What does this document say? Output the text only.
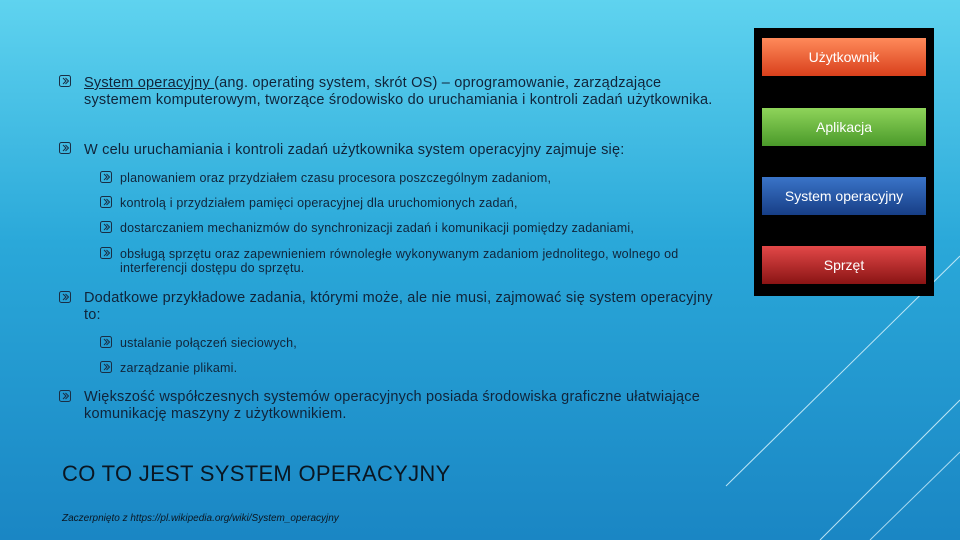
System operacyjny (ang. operating system, skrót OS) – oprogramowanie, zarządzające systemem komputerowym, tworzące środowisko do uruchamiania i kontroli zadań użytkownika.
W celu uruchamiania i kontroli zadań użytkownika system operacyjny zajmuje się:
planowaniem oraz przydziałem czasu procesora poszczególnym zadaniom,
kontrolą i przydziałem pamięci operacyjnej dla uruchomionych zadań,
dostarczaniem mechanizmów do synchronizacji zadań i komunikacji pomiędzy zadaniami,
obsługą sprzętu oraz zapewnieniem równoległe wykonywanym zadaniom jednolitego, wolnego od interferencji dostępu do sprzętu.
Dodatkowe przykładowe zadania, którymi może, ale nie musi, zajmować się system operacyjny to:
ustalanie połączeń sieciowych,
zarządzanie plikami.
Większość współczesnych systemów operacyjnych posiada środowiska graficzne ułatwiające komunikację maszyny z użytkownikiem.
CO TO JEST SYSTEM OPERACYJNY
Zaczerpnięto z https://pl.wikipedia.org/wiki/System_operacyjny
Użytkownik
Aplikacja
System operacyjny
Sprzęt
